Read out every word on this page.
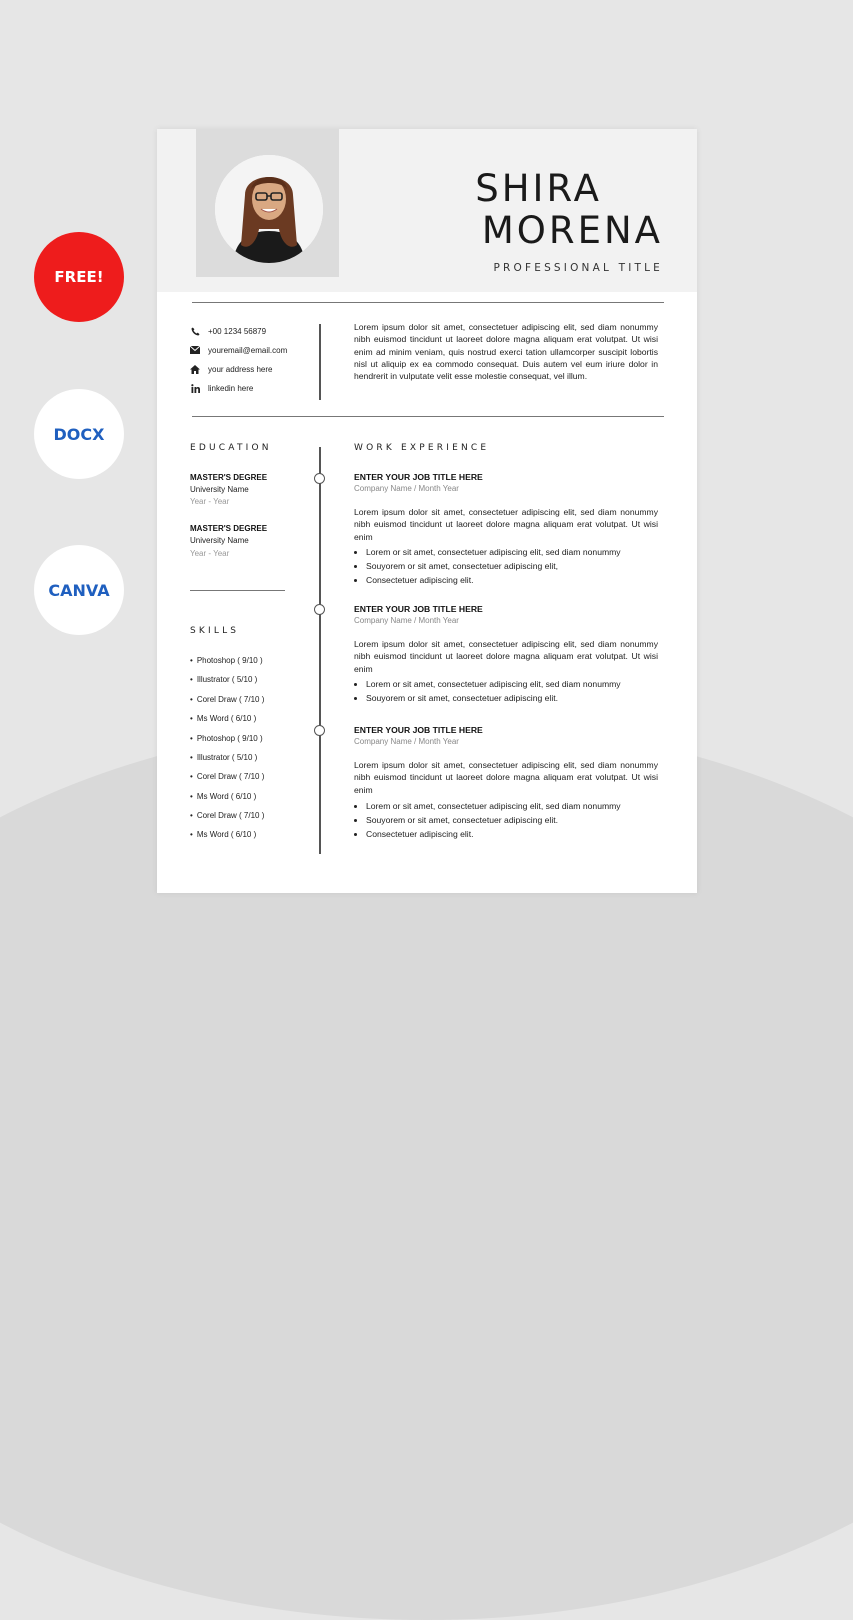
FREE!
DOCX
CANVA
SHIRA
MORENA
PROFESSIONAL TITLE
+00 1234 56879
youremail@email.com
your address here
linkedin here
Lorem ipsum dolor sit amet, consectetuer adipiscing elit, sed diam nonummy nibh euismod tincidunt ut laoreet dolore magna aliquam erat volutpat. Ut wisi enim ad minim veniam, quis nostrud exerci tation ullamcorper suscipit lobortis nisl ut aliquip ex ea commodo consequat. Duis autem vel eum iriure dolor in hendrerit in vulputate velit esse molestie consequat, vel illum.
EDUCATION
MASTER'S DEGREE
University Name
Year - Year
MASTER'S DEGREE
University Name
Year - Year
SKILLS
• Photoshop ( 9/10 )
• Illustrator ( 5/10 )
• Corel Draw ( 7/10 )
• Ms Word ( 6/10 )
• Photoshop ( 9/10 )
• Illustrator ( 5/10 )
• Corel Draw ( 7/10 )
• Ms Word ( 6/10 )
• Corel Draw ( 7/10 )
• Ms Word ( 6/10 )
WORK EXPERIENCE
ENTER YOUR JOB TITLE HERE
Company Name / Month Year
Lorem ipsum dolor sit amet, consectetuer adipiscing elit, sed diam nonummy nibh euismod tincidunt ut laoreet dolore magna aliquam erat volutpat. Ut wisi enim
• Lorem or sit amet, consectetuer adipiscing elit, sed diam nonummy
• Souyorem or sit amet, consectetuer adipiscing elit,
• Consectetuer adipiscing elit.
ENTER YOUR JOB TITLE HERE
Company Name / Month Year
Lorem ipsum dolor sit amet, consectetuer adipiscing elit, sed diam nonummy nibh euismod tincidunt ut laoreet dolore magna aliquam erat volutpat. Ut wisi enim
• Lorem or sit amet, consectetuer adipiscing elit, sed diam nonummy
• Souyorem or sit amet, consectetuer adipiscing elit.
ENTER YOUR JOB TITLE HERE
Company Name / Month Year
Lorem ipsum dolor sit amet, consectetuer adipiscing elit, sed diam nonummy nibh euismod tincidunt ut laoreet dolore magna aliquam erat volutpat. Ut wisi enim
• Lorem or sit amet, consectetuer adipiscing elit, sed diam nonummy
• Souyorem or sit amet, consectetuer adipiscing elit.
• Consectetuer adipiscing elit.
